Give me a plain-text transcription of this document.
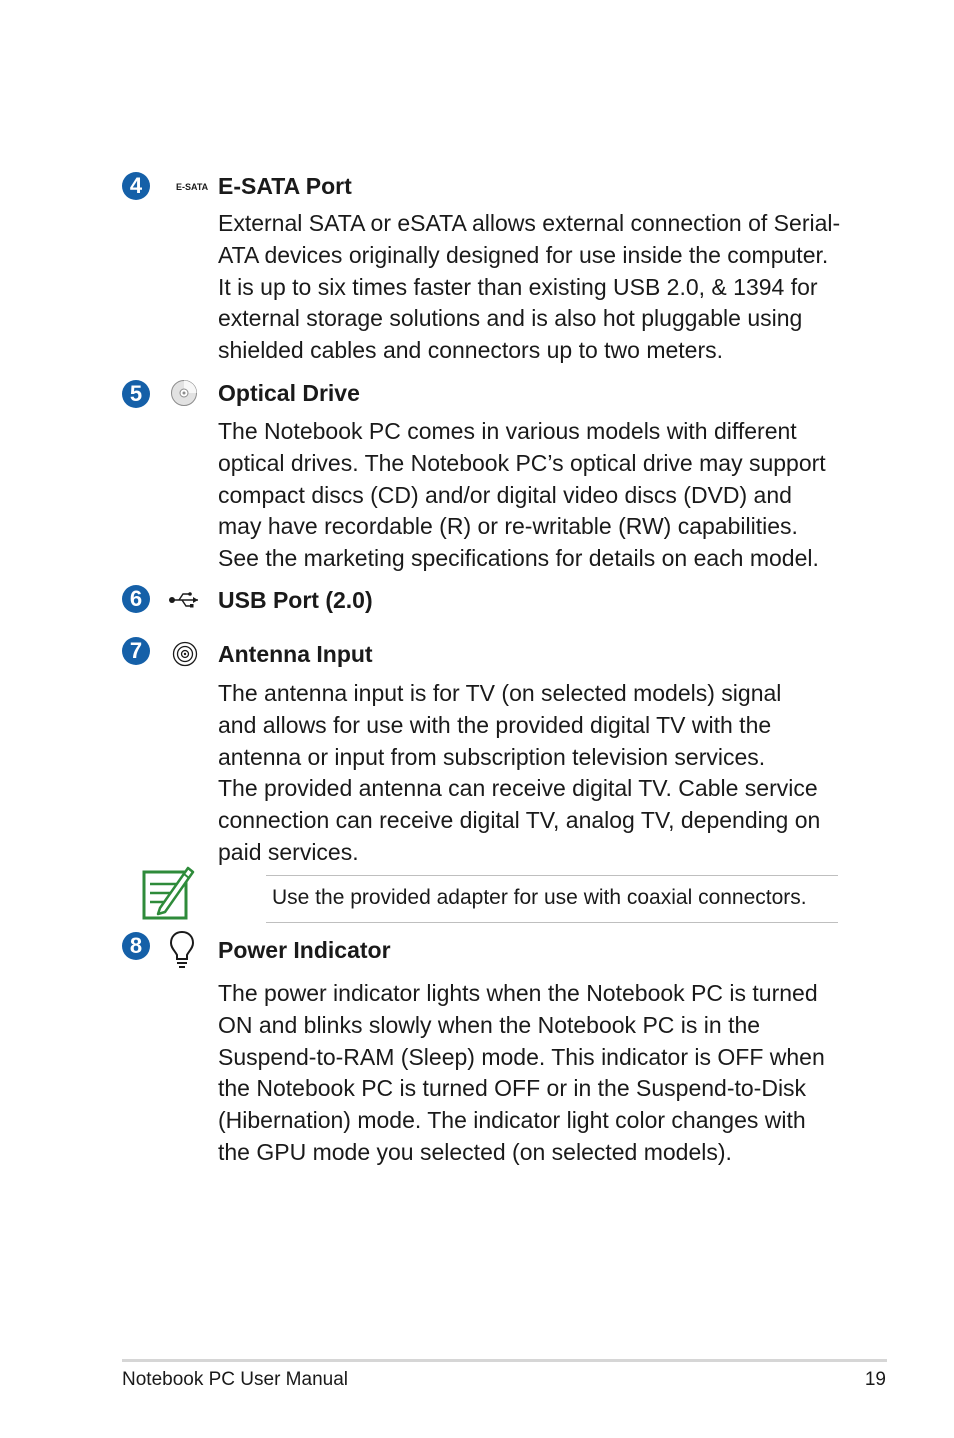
4	E-SATA E-SATA Port

External SATA or eSATA allows external connection of Serial-
ATA devices originally designed for use inside the computer.
It is up to six times faster than existing USB 2.0, & 1394 for
external storage solutions and is also hot pluggable using
shielded cables and connectors up to two meters.

5	Optical Drive

The Notebook PC comes in various models with different
optical drives. The Notebook PC’s optical drive may support
compact discs (CD) and/or digital video discs (DVD) and
may have recordable (R) or re-writable (RW) capabilities.
See the marketing specifications for details on each model.

6	USB Port (2.0)
7	Antenna Input

The antenna input is for TV (on selected models) signal
and allows for use with the provided digital TV with the
antenna or input from subscription television services.
The provided antenna can receive digital TV. Cable service
connection can receive digital TV, analog TV, depending on
paid services.

Use the provided adapter for use with coaxial connectors.
8	Power Indicator

The power indicator lights when the Notebook PC is turned
ON and blinks slowly when the Notebook PC is in the
Suspend-to-RAM (Sleep) mode. This indicator is OFF when
the Notebook PC is turned OFF or in the Suspend-to-Disk
(Hibernation) mode. The indicator light color changes with
the GPU mode you selected (on selected models).

Notebook PC User Manual	19
